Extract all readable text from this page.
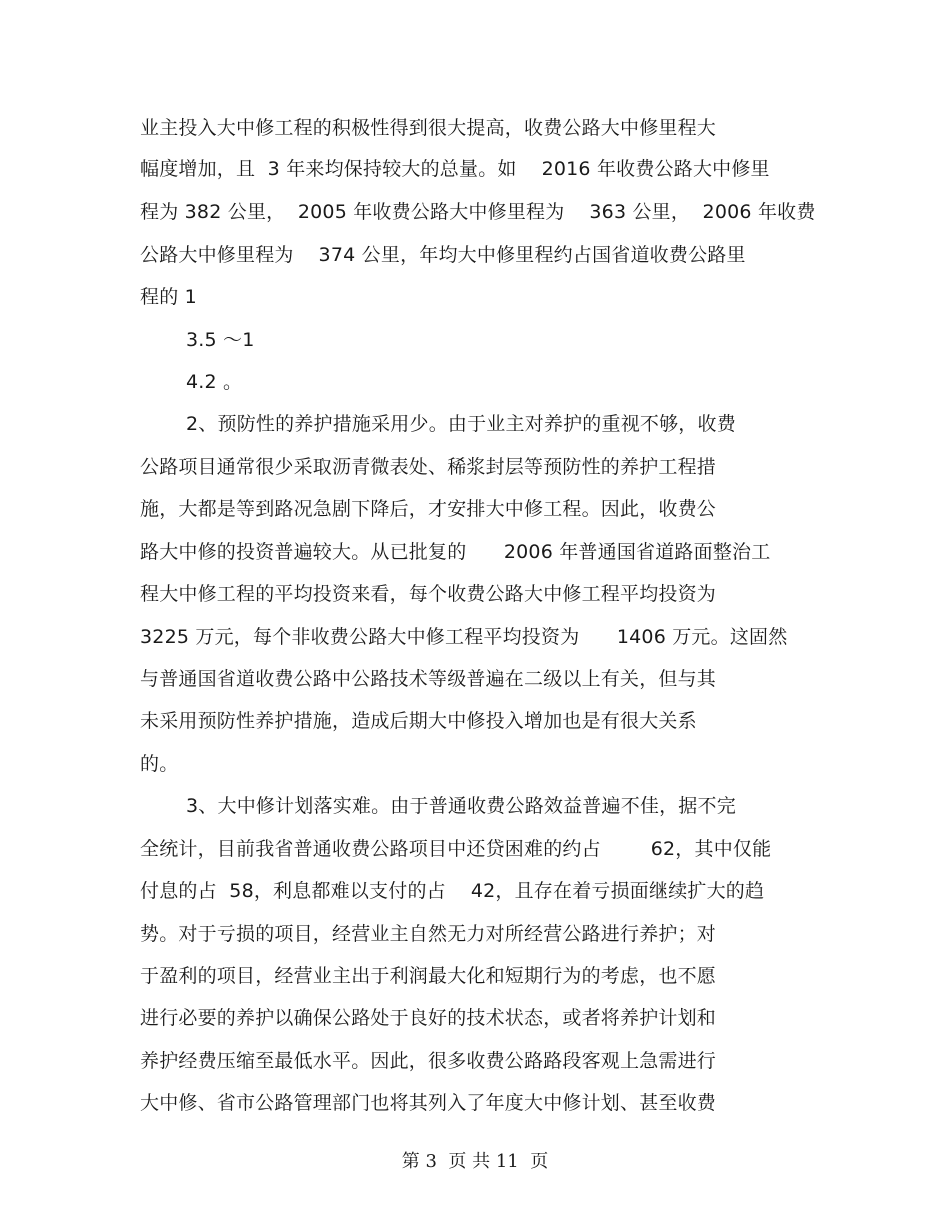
业主投入大中修工程的积极性得到很大提高，收费公路大中修里程大
幅度增加，且  3 年来均保持较大的总量。如    2016 年收费公路大中修里
程为 382 公里，  2005 年收费公路大中修里程为    363 公里，  2006 年收费
公路大中修里程为    374 公里，年均大中修里程约占国省道收费公路里
程的 1
3.5 ～1
4.2 。
2、预防性的养护措施采用少。由于业主对养护的重视不够，收费
公路项目通常很少采取沥青微表处、稀浆封层等预防性的养护工程措
施，大都是等到路况急剧下降后，才安排大中修工程。因此，收费公
路大中修的投资普遍较大。从已批复的      2006 年普通国省道路面整治工
程大中修工程的平均投资来看，每个收费公路大中修工程平均投资为
3225 万元，每个非收费公路大中修工程平均投资为      1406 万元。这固然
与普通国省道收费公路中公路技术等级普遍在二级以上有关，但与其
未采用预防性养护措施，造成后期大中修投入增加也是有很大关系
的。
3、大中修计划落实难。由于普通收费公路效益普遍不佳，据不完
全统计，目前我省普通收费公路项目中还贷困难的约占        62，其中仅能
付息的占  58，利息都难以支付的占    42，且存在着亏损面继续扩大的趋
势。对于亏损的项目，经营业主自然无力对所经营公路进行养护；对
于盈利的项目，经营业主出于利润最大化和短期行为的考虑，也不愿
进行必要的养护以确保公路处于良好的技术状态，或者将养护计划和
养护经费压缩至最低水平。因此，很多收费公路路段客观上急需进行
大中修、省市公路管理部门也将其列入了年度大中修计划、甚至收费
第 3  页 共 11  页
